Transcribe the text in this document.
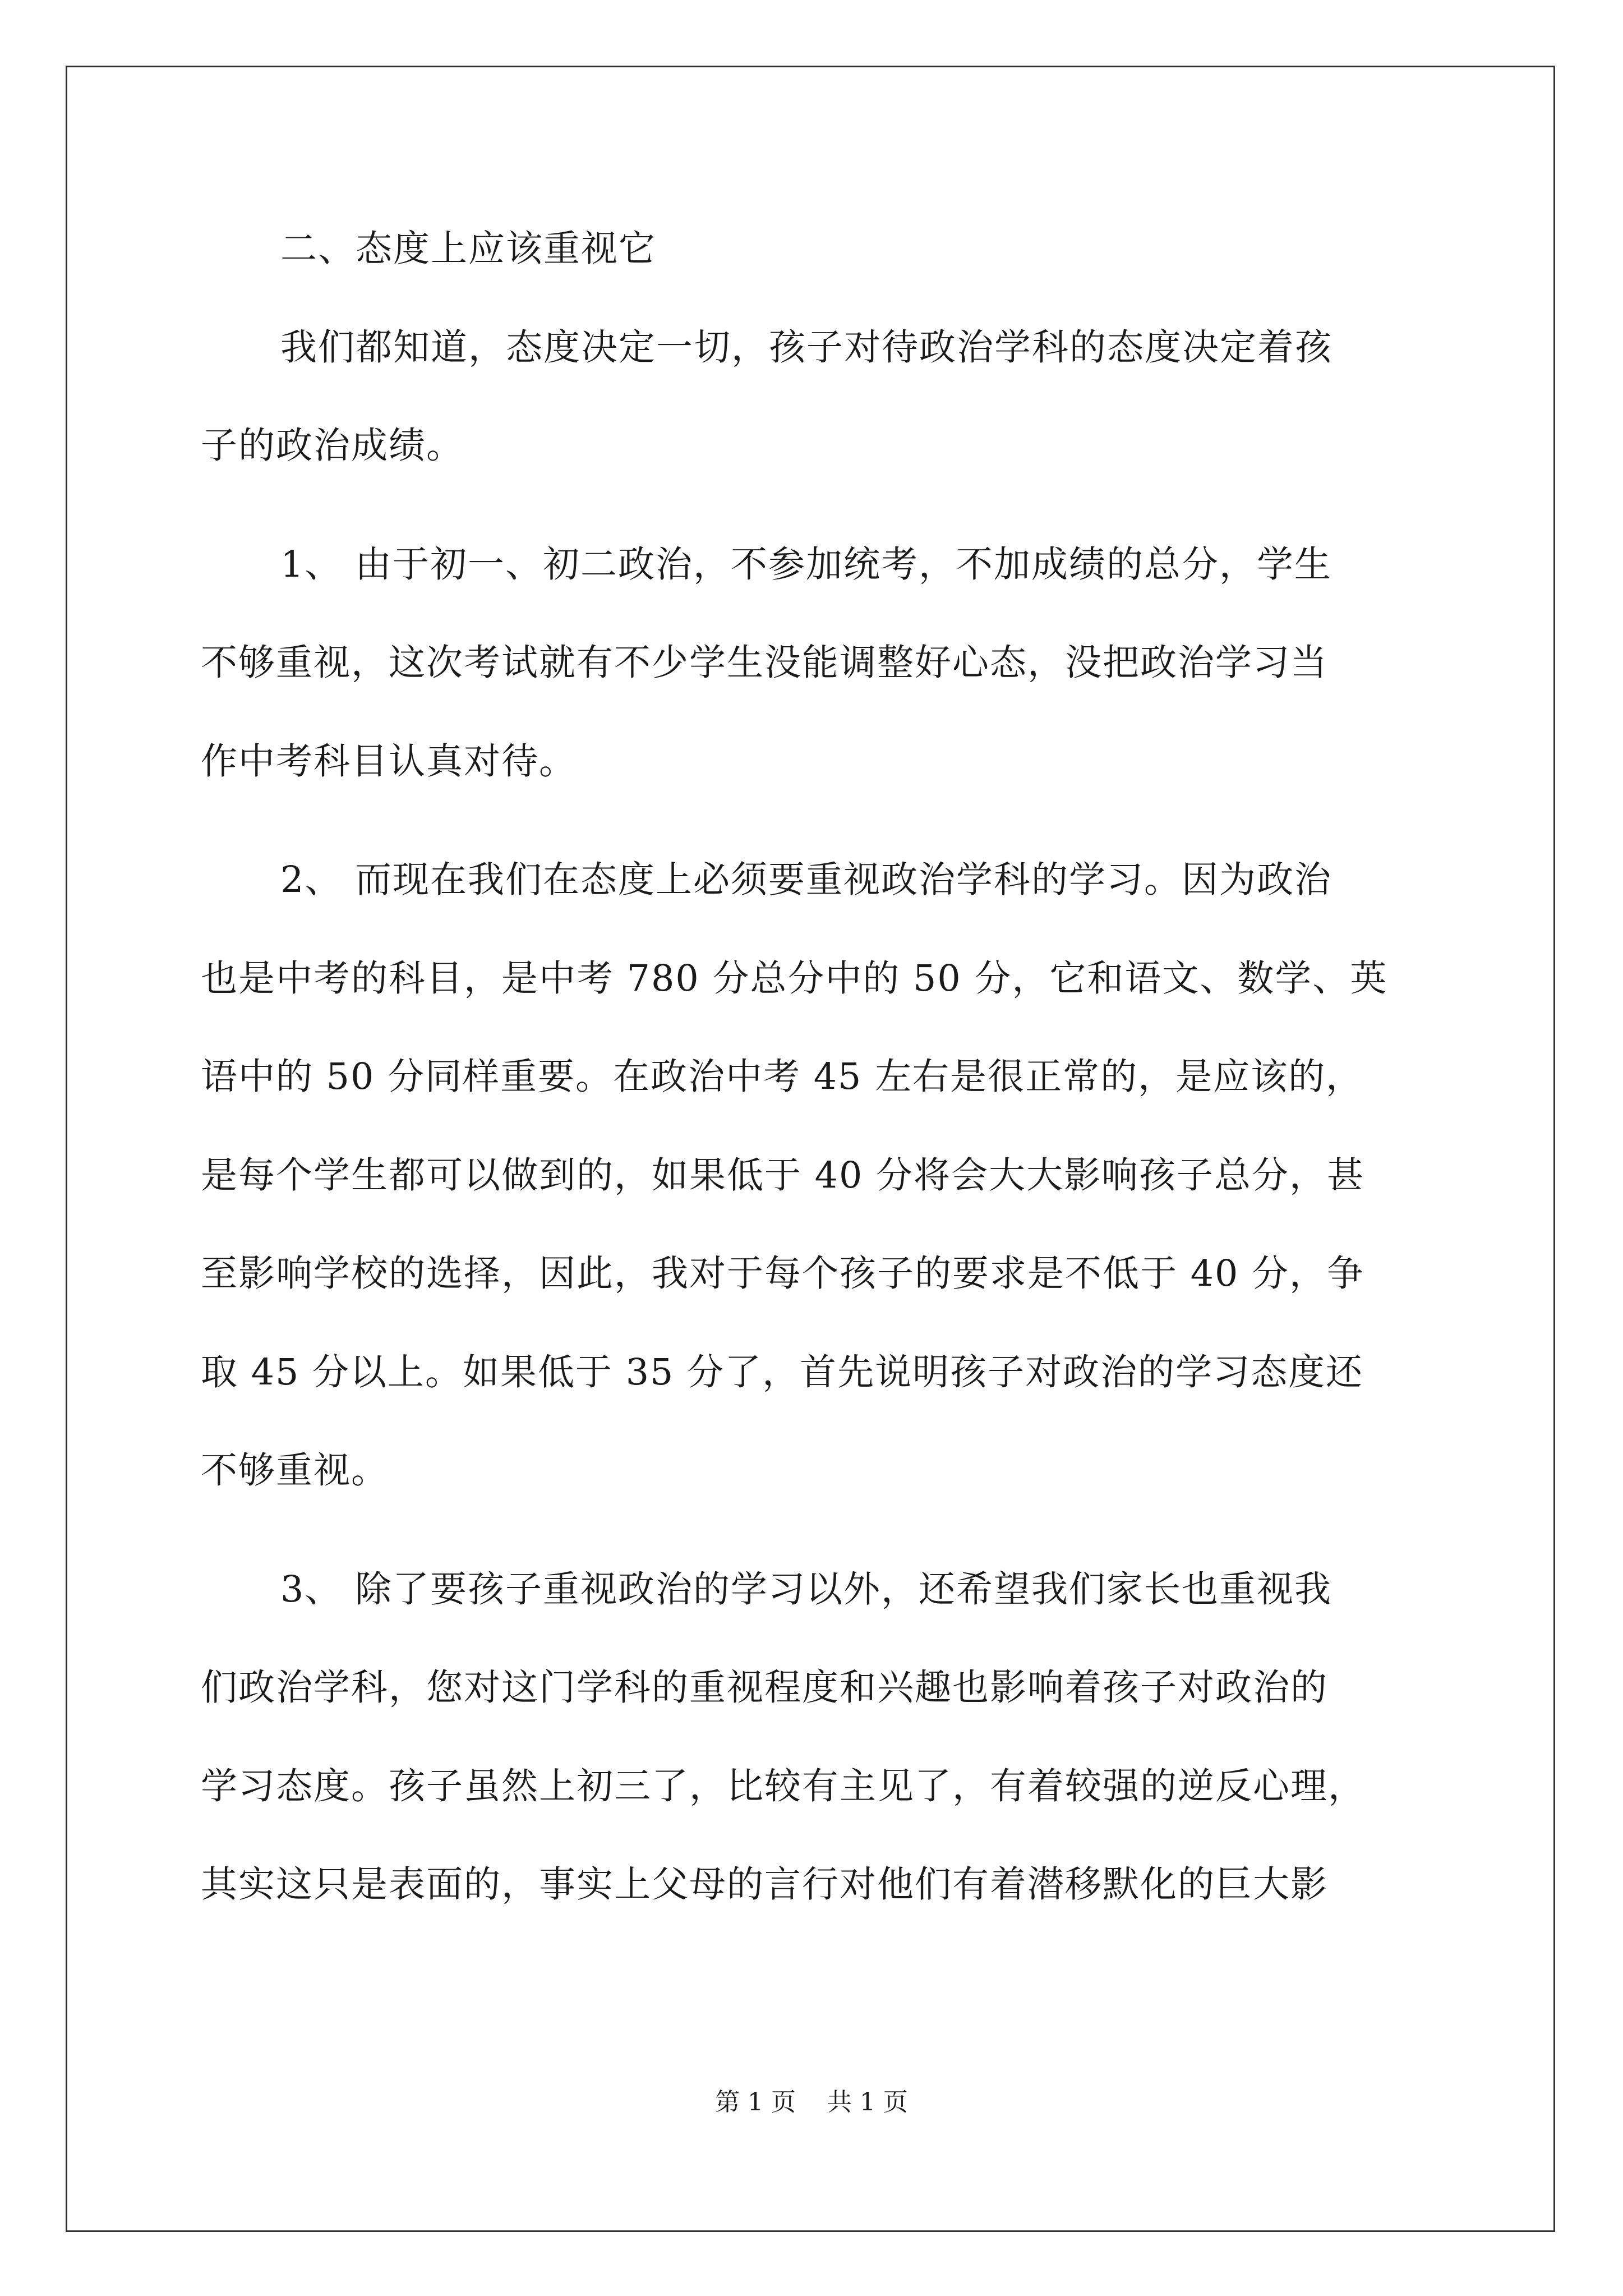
二、态度上应该重视它
我们都知道，态度决定一切，孩子对待政治学科的态度决定着孩
子的政治成绩。
1、 由于初一、初二政治，不参加统考，不加成绩的总分，学生
不够重视，这次考试就有不少学生没能调整好心态，没把政治学习当
作中考科目认真对待。
2、 而现在我们在态度上必须要重视政治学科的学习。因为政治
也是中考的科目，是中考 780 分总分中的 50 分，它和语文、数学、英
语中的 50 分同样重要。在政治中考 45 左右是很正常的，是应该的，
是每个学生都可以做到的，如果低于 40 分将会大大影响孩子总分，甚
至影响学校的选择，因此，我对于每个孩子的要求是不低于 40 分，争
取 45 分以上。如果低于 35 分了，首先说明孩子对政治的学习态度还
不够重视。
3、 除了要孩子重视政治的学习以外，还希望我们家长也重视我
们政治学科，您对这门学科的重视程度和兴趣也影响着孩子对政治的
学习态度。孩子虽然上初三了，比较有主见了，有着较强的逆反心理，
其实这只是表面的，事实上父母的言行对他们有着潜移默化的巨大影
第 1 页    共 1 页
